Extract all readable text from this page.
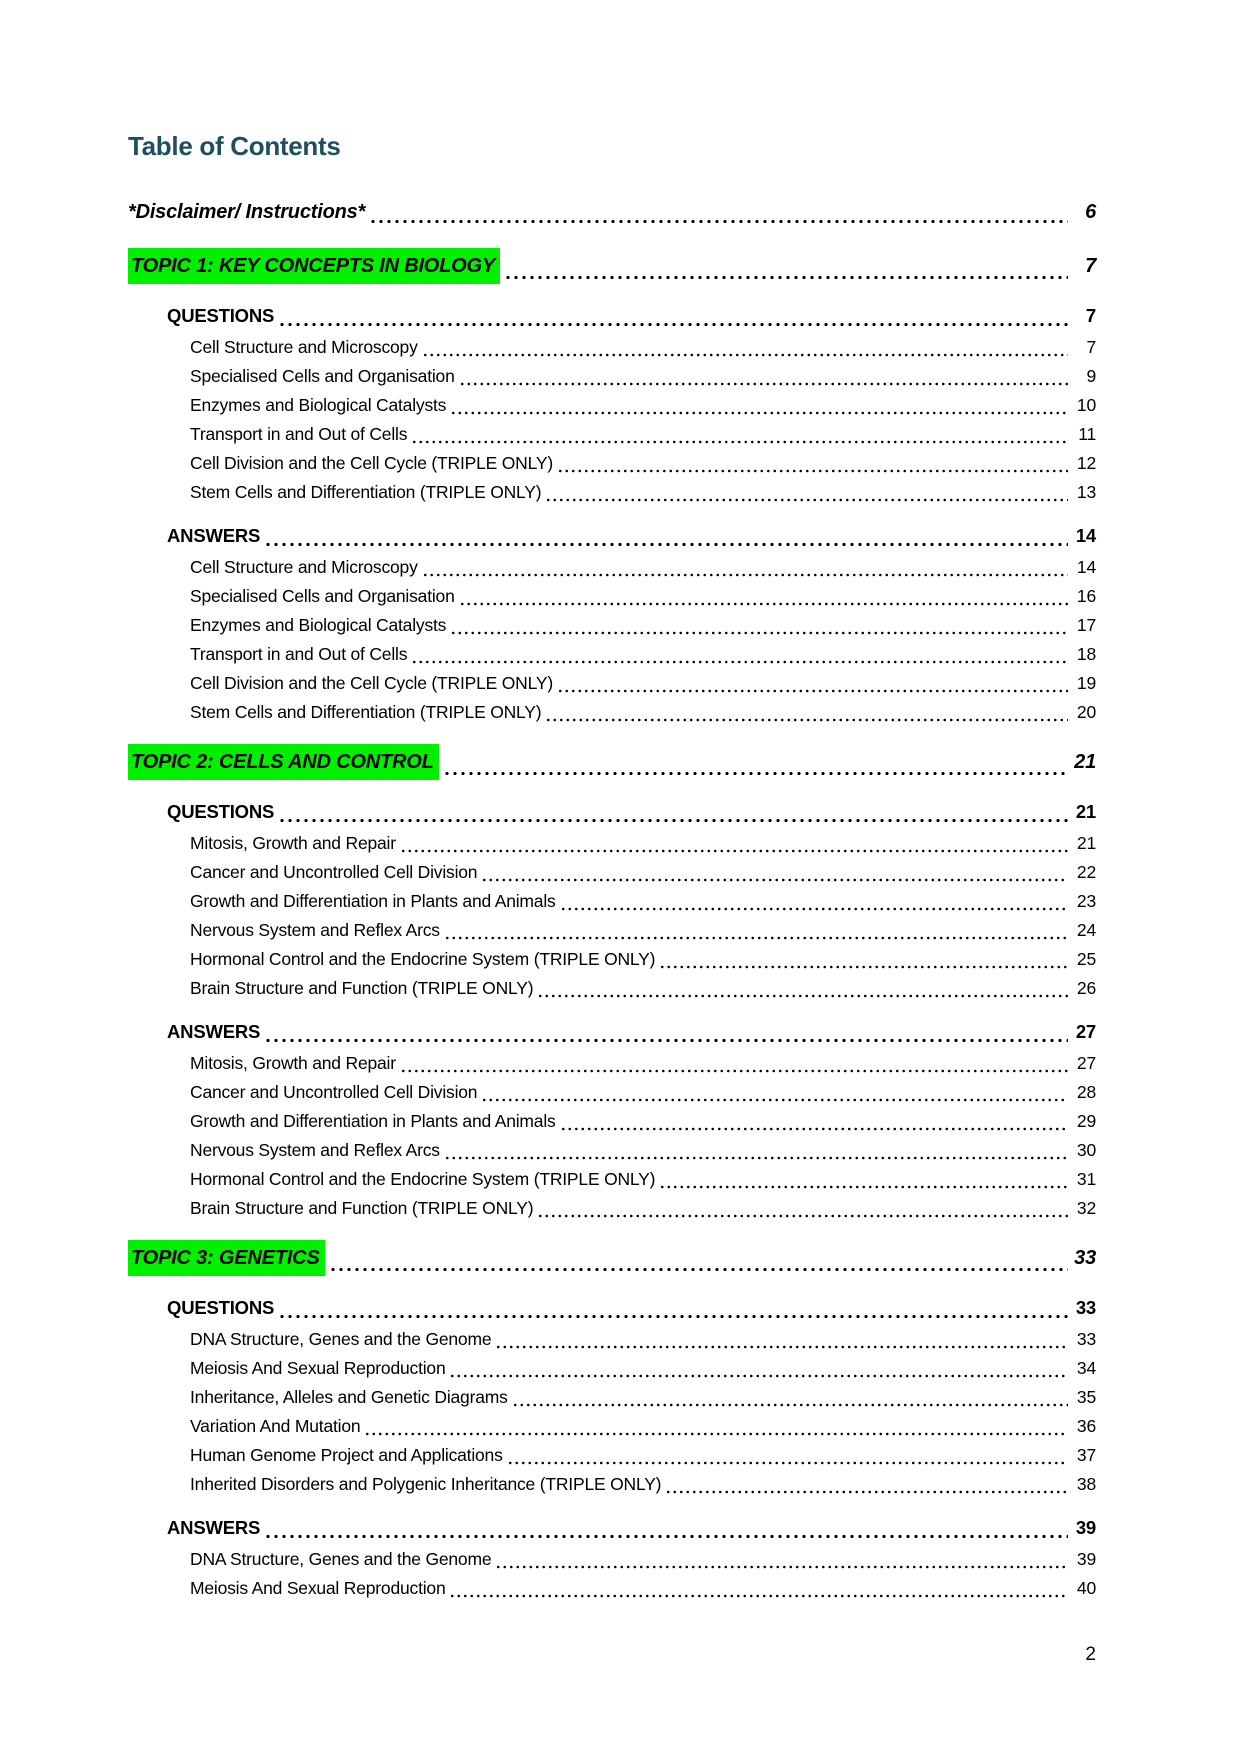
Table of Contents
*Disclaimer/ Instructions*	6
TOPIC 1: KEY CONCEPTS IN BIOLOGY	7
QUESTIONS	7
Cell Structure and Microscopy	7
Specialised Cells and Organisation	9
Enzymes and Biological Catalysts	10
Transport in and Out of Cells	11
Cell Division and the Cell Cycle (TRIPLE ONLY)	12
Stem Cells and Differentiation (TRIPLE ONLY)	13
ANSWERS	14
Cell Structure and Microscopy	14
Specialised Cells and Organisation	16
Enzymes and Biological Catalysts	17
Transport in and Out of Cells	18
Cell Division and the Cell Cycle (TRIPLE ONLY)	19
Stem Cells and Differentiation (TRIPLE ONLY)	20
TOPIC 2: CELLS AND CONTROL	21
QUESTIONS	21
Mitosis, Growth and Repair	21
Cancer and Uncontrolled Cell Division	22
Growth and Differentiation in Plants and Animals	23
Nervous System and Reflex Arcs	24
Hormonal Control and the Endocrine System (TRIPLE ONLY)	25
Brain Structure and Function (TRIPLE ONLY)	26
ANSWERS	27
Mitosis, Growth and Repair	27
Cancer and Uncontrolled Cell Division	28
Growth and Differentiation in Plants and Animals	29
Nervous System and Reflex Arcs	30
Hormonal Control and the Endocrine System (TRIPLE ONLY)	31
Brain Structure and Function (TRIPLE ONLY)	32
TOPIC 3: GENETICS	33
QUESTIONS	33
DNA Structure, Genes and the Genome	33
Meiosis And Sexual Reproduction	34
Inheritance, Alleles and Genetic Diagrams	35
Variation And Mutation	36
Human Genome Project and Applications	37
Inherited Disorders and Polygenic Inheritance (TRIPLE ONLY)	38
ANSWERS	39
DNA Structure, Genes and the Genome	39
Meiosis And Sexual Reproduction	40
2
